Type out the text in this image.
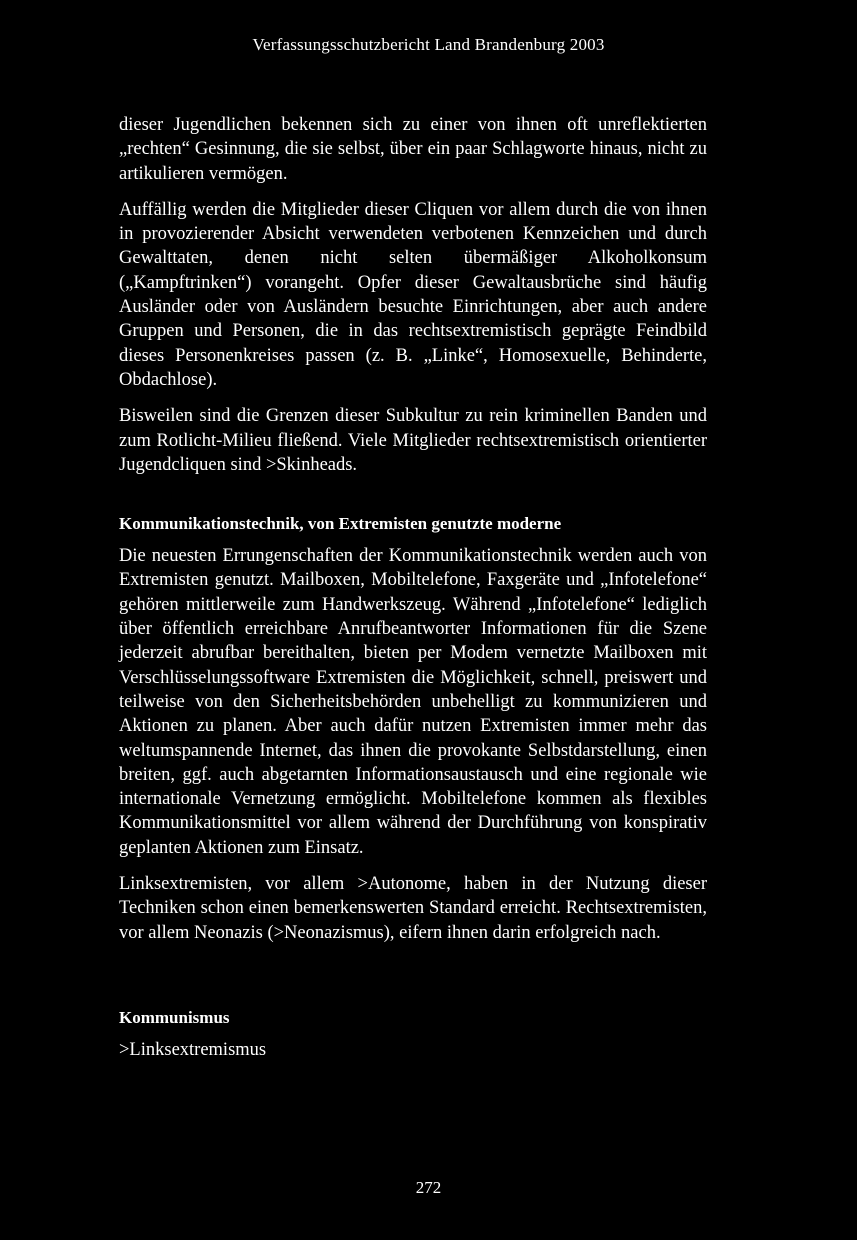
Verfassungsschutzbericht Land Brandenburg 2003

dieser Jugendlichen bekennen sich zu einer von ihnen oft unreflektierten „rechten“ Gesinnung, die sie selbst, über ein paar Schlagworte hinaus, nicht zu artikulieren vermögen.

Auffällig werden die Mitglieder dieser Cliquen vor allem durch die von ihnen in provozierender Absicht verwendeten verbotenen Kennzeichen und durch Gewalttaten, denen nicht selten übermäßiger Alkoholkonsum („Kampftrinken“) vorangeht. Opfer dieser Gewaltausbrüche sind häufig Ausländer oder von Ausländern besuchte Einrichtungen, aber auch andere Gruppen und Personen, die in das rechtsextremistisch geprägte Feindbild dieses Personenkreises passen (z. B. „Linke“, Homosexuelle, Behinderte, Obdachlose).

Bisweilen sind die Grenzen dieser Subkultur zu rein kriminellen Banden und zum Rotlicht-Milieu fließend. Viele Mitglieder rechtsextremistisch orientierter Jugendcliquen sind >Skinheads.

Kommunikationstechnik, von Extremisten genutzte moderne

Die neuesten Errungenschaften der Kommunikationstechnik werden auch von Extremisten genutzt. Mailboxen, Mobiltelefone, Faxgeräte und „Infotelefone“ gehören mittlerweile zum Handwerkszeug. Während „Infotelefone“ lediglich über öffentlich erreichbare Anrufbeantworter Informationen für die Szene jederzeit abrufbar bereithalten, bieten per Modem vernetzte Mailboxen mit Verschlüsselungssoftware Extremisten die Möglichkeit, schnell, preiswert und teilweise von den Sicherheitsbehörden unbehelligt zu kommunizieren und Aktionen zu planen. Aber auch dafür nutzen Extremisten immer mehr das weltumspannende Internet, das ihnen die provokante Selbstdarstellung, einen breiten, ggf. auch abgetarnten Informationsaustausch und eine regionale wie internationale Vernetzung ermöglicht. Mobiltelefone kommen als flexibles Kommunikationsmittel vor allem während der Durchführung von konspirativ geplanten Aktionen zum Einsatz.

Linksextremisten, vor allem >Autonome, haben in der Nutzung dieser Techniken schon einen bemerkenswerten Standard erreicht. Rechtsextremisten, vor allem Neonazis (>Neonazismus), eifern ihnen darin erfolgreich nach.

Kommunismus

>Linksextremismus

272
